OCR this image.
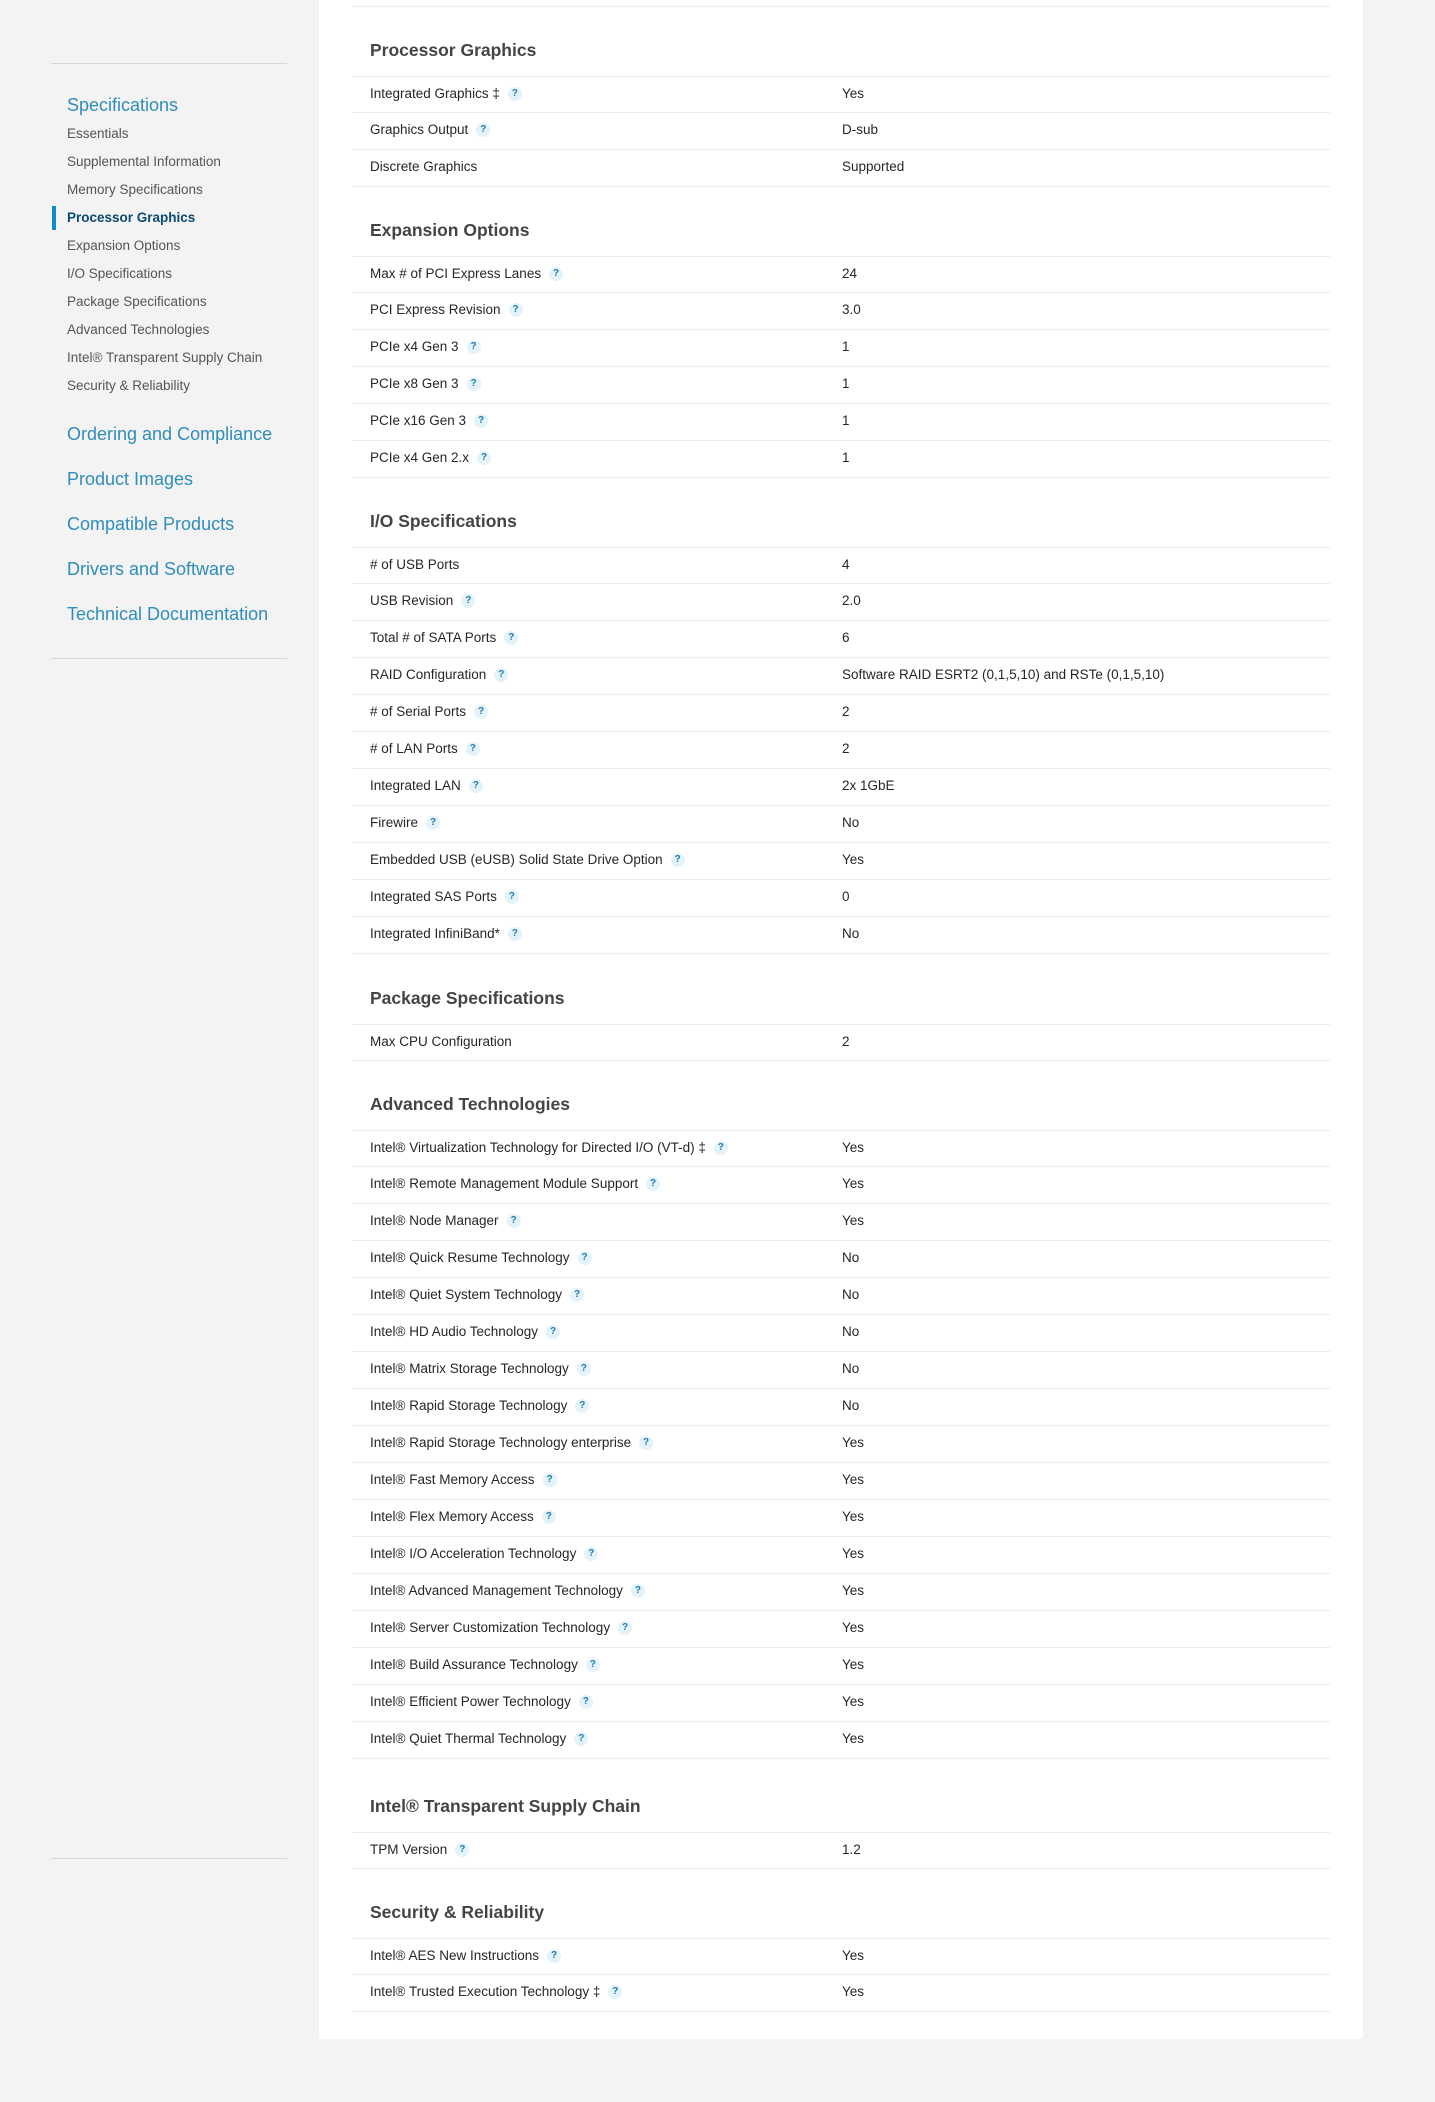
Specifications
Essentials
Supplemental Information
Memory Specifications
Processor Graphics
Expansion Options
I/O Specifications
Package Specifications
Advanced Technologies
Intel® Transparent Supply Chain
Security & Reliability
Ordering and Compliance
Product Images
Compatible Products
Drivers and Software
Technical Documentation
Processor Graphics
Integrated Graphics ‡	?	Yes
Graphics Output	?	D-sub
Discrete Graphics	Supported
Expansion Options
Max # of PCI Express Lanes	?	24
PCI Express Revision	?	3.0
PCIe x4 Gen 3	?	1
PCIe x8 Gen 3	?	1
PCIe x16 Gen 3	?	1
PCIe x4 Gen 2.x	?	1
I/O Specifications
# of USB Ports	4
USB Revision	?	2.0
Total # of SATA Ports	?	6
RAID Configuration	?	Software RAID ESRT2 (0,1,5,10) and RSTe (0,1,5,10)
# of Serial Ports	?	2
# of LAN Ports	?	2
Integrated LAN	?	2x 1GbE
Firewire	?	No
Embedded USB (eUSB) Solid State Drive Option	?	Yes
Integrated SAS Ports	?	0
Integrated InfiniBand*	?	No
Package Specifications
Max CPU Configuration	2
Advanced Technologies
Intel® Virtualization Technology for Directed I/O (VT-d) ‡	?	Yes
Intel® Remote Management Module Support	?	Yes
Intel® Node Manager	?	Yes
Intel® Quick Resume Technology	?	No
Intel® Quiet System Technology	?	No
Intel® HD Audio Technology	?	No
Intel® Matrix Storage Technology	?	No
Intel® Rapid Storage Technology	?	No
Intel® Rapid Storage Technology enterprise	?	Yes
Intel® Fast Memory Access	?	Yes
Intel® Flex Memory Access	?	Yes
Intel® I/O Acceleration Technology	?	Yes
Intel® Advanced Management Technology	?	Yes
Intel® Server Customization Technology	?	Yes
Intel® Build Assurance Technology	?	Yes
Intel® Efficient Power Technology	?	Yes
Intel® Quiet Thermal Technology	?	Yes
Intel® Transparent Supply Chain
TPM Version	?	1.2
Security & Reliability
Intel® AES New Instructions	?	Yes
Intel® Trusted Execution Technology ‡	?	Yes
